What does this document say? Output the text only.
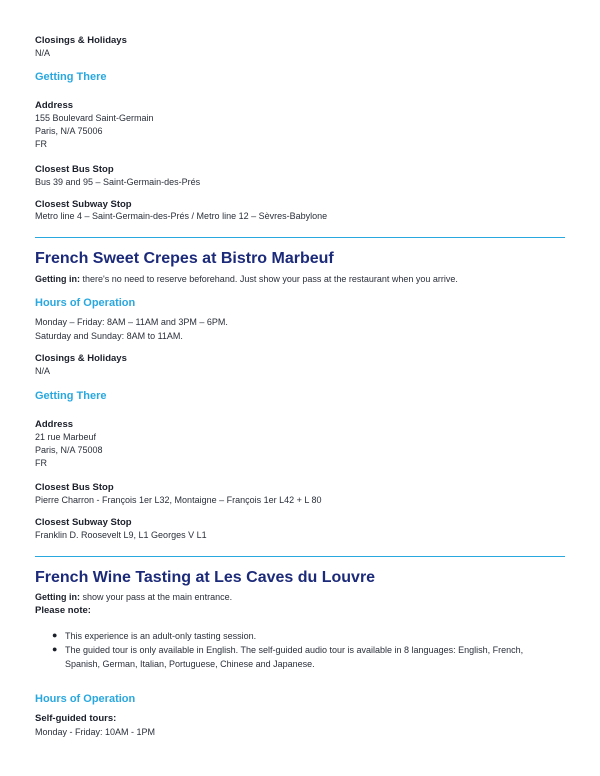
Closings & Holidays
N/A
Getting There
Address
155 Boulevard Saint-Germain
Paris, N/A 75006
FR
Closest Bus Stop
Bus 39 and 95 – Saint-Germain-des-Prés
Closest Subway Stop
Metro line 4 – Saint-Germain-des-Prés / Metro line 12 – Sèvres-Babylone
French Sweet Crepes at Bistro Marbeuf
Getting in: there's no need to reserve beforehand. Just show your pass at the restaurant when you arrive.
Hours of Operation
Monday – Friday: 8AM – 11AM and 3PM – 6PM.
Saturday and Sunday: 8AM to 11AM.
Closings & Holidays
N/A
Getting There
Address
21 rue Marbeuf
Paris, N/A 75008
FR
Closest Bus Stop
Pierre Charron - François 1er L32, Montaigne – François 1er L42 + L 80
Closest Subway Stop
Franklin D. Roosevelt L9, L1 Georges V L1
French Wine Tasting at Les Caves du Louvre
Getting in: show your pass at the main entrance.
Please note:
● This experience is an adult-only tasting session.
● The guided tour is only available in English. The self-guided audio tour is available in 8 languages: English, French,
Spanish, German, Italian, Portuguese, Chinese and Japanese.
Hours of Operation
Self-guided tours:
Monday - Friday: 10AM - 1PM
